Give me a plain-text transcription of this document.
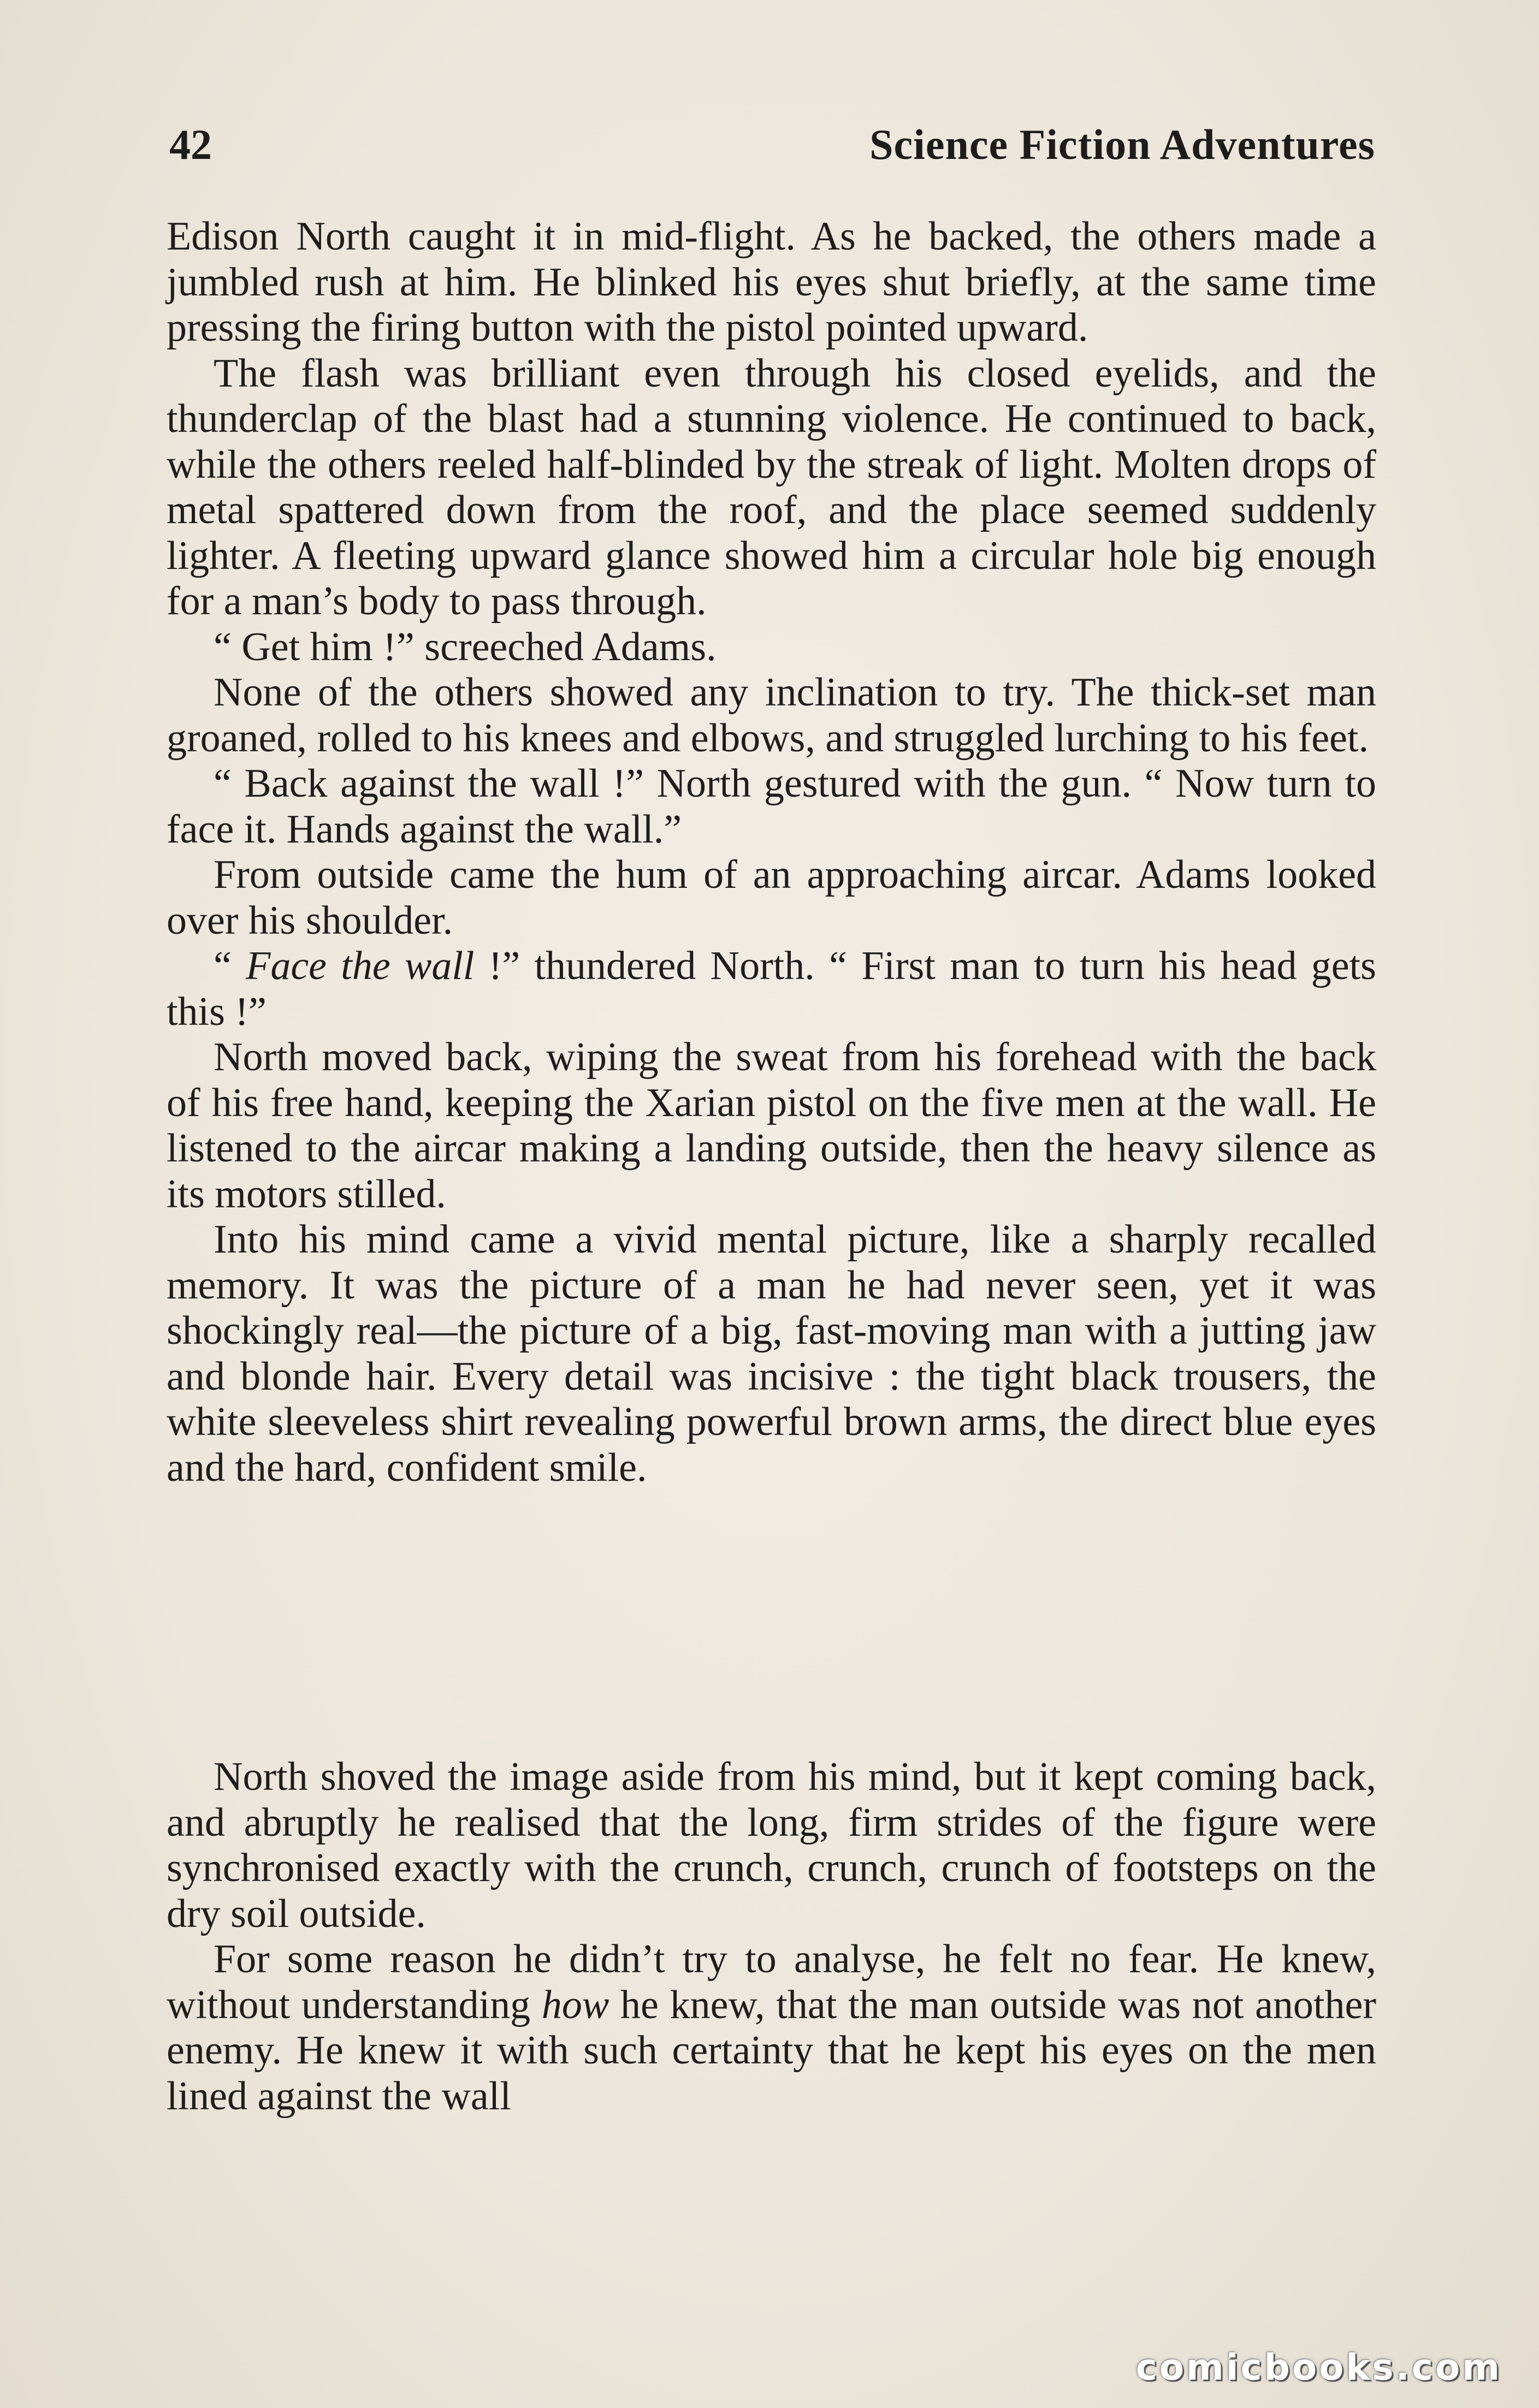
42	Science Fiction Adventures

Edison North caught it in mid-flight. As he backed, the others made a jumbled rush at him. He blinked his eyes shut briefly, at the same time pressing the firing button with the pistol pointed upward.

The flash was brilliant even through his closed eyelids, and the thunderclap of the blast had a stunning violence. He continued to back, while the others reeled half-blinded by the streak of light. Molten drops of metal spattered down from the roof, and the place seemed suddenly lighter. A fleeting upward glance showed him a circular hole big enough for a man’s body to pass through.

“ Get him !” screeched Adams.

None of the others showed any inclination to try. The thick-set man groaned, rolled to his knees and elbows, and struggled lurching to his feet.

“ Back against the wall !” North gestured with the gun. “ Now turn to face it. Hands against the wall.”

From outside came the hum of an approaching aircar. Adams looked over his shoulder.

“ Face the wall !” thundered North. “ First man to turn his head gets this !”

North moved back, wiping the sweat from his forehead with the back of his free hand, keeping the Xarian pistol on the five men at the wall. He listened to the aircar making a landing outside, then the heavy silence as its motors stilled.

Into his mind came a vivid mental picture, like a sharply recalled memory. It was the picture of a man he had never seen, yet it was shockingly real—the picture of a big, fast-moving man with a jutting jaw and blonde hair. Every detail was incisive : the tight black trousers, the white sleeveless shirt revealing powerful brown arms, the direct blue eyes and the hard, confident smile.

North shoved the image aside from his mind, but it kept coming back, and abruptly he realised that the long, firm strides of the figure were synchronised exactly with the crunch, crunch, crunch of footsteps on the dry soil outside.

For some reason he didn’t try to analyse, he felt no fear. He knew, without understanding how he knew, that the man outside was not another enemy. He knew it with such certainty that he kept his eyes on the men lined against the wall

comicbooks.com
